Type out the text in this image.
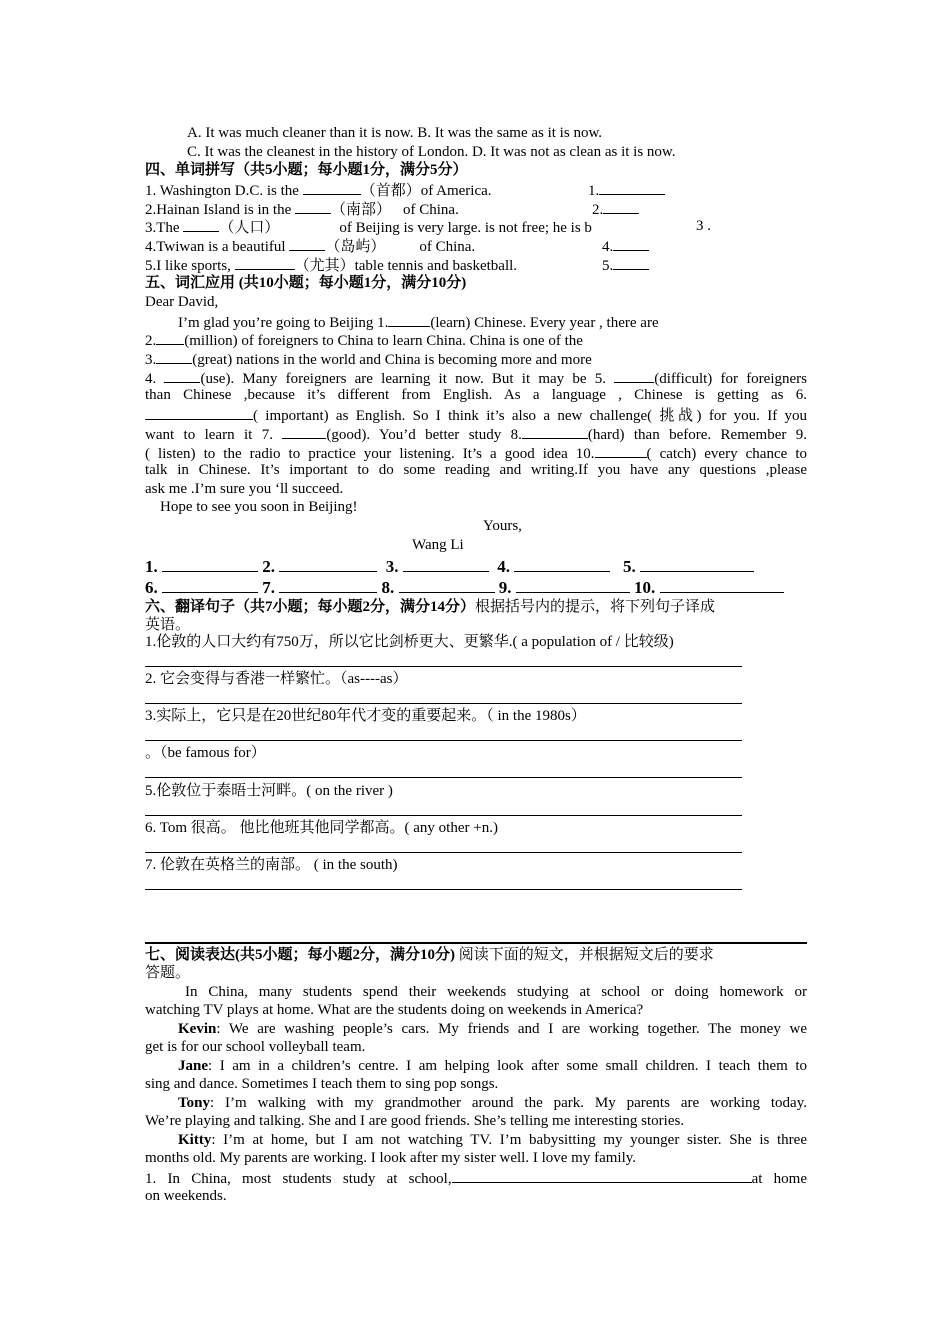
A. It was much cleaner than it is now. B. It was the same as it is now.
C. It was the cleanest in the history of London. D. It was not as clean as it is now.
四、单词拼写（共5小题；每小题1分，满分5分）
1. Washington D.C. is the	（首都）of America.	1.
2.Hainan Island is in the （南部） of China.	2.
3.The （人口）	of Beijing is very large. is not free; he is b	3 .
4.Twiwan is a beautiful （岛屿） of China.	4.
5.I like sports,	（尤其）table tennis and basketball.	5.
五、词汇应用 (共10小题；每小题1分，满分10分)
Dear David,
I’m glad you’re going to Beijing 1.	(learn) Chinese. Every year , there are
2. (million) of foreigners to China to learn China. China is one of the
3. (great) nations in the world and China is becoming more and more
4. (use). Many foreigners are learning it now. But it may be 5.	(difficult) for foreigners
than Chinese ,because it’s different from English. As a language , Chinese is getting as 6.
( important) as English. So I think it’s also a new challenge( 挑战) for you. If you
want to learn it 7.	(good). You’d better study 8.	(hard) than before. Remember 9.
( listen) to the radio to practice your listening. It’s a good idea 10.	( catch) every chance to
talk in Chinese. It’s important to do some reading and writing.If you have any questions ,please
ask me .I’m sure you ‘ll succeed.
Hope to see you soon in Beijing!
Yours,
Wang Li
1.	2.	3.	4.	5.
6.	7.	8.	9.	10.
六、翻译句子（共7小题；每小题2分，满分14分）根据括号内的提示，将下列句子译成
英语。
1.伦敦的人口大约有750万，所以它比剑桥更大、更繁华.( a population of / 比较级)
2. 它会变得与香港一样繁忙。（as----as）
3.实际上，它只是在20世纪80年代才变的重要起来。（ in the 1980s）
。（be famous for）
5.伦敦位于泰晤士河畔。( on the river )
6. Tom 很高。 他比他班其他同学都高。( any other +n.)
7. 伦敦在英格兰的南部。 ( in the south)
七、阅读表达(共5小题；每小题2分，满分10分) 阅读下面的短文，并根据短文后的要求
答题。
In China, many students spend their weekends studying at school or doing homework or
watching TV plays at home. What are the students doing on weekends in America?
Kevin: We are washing people’s cars. My friends and I are working together. The money we
get is for our school volleyball team.
Jane: I am in a children’s centre. I am helping look after some small children. I teach them to
sing and dance. Sometimes I teach them to sing pop songs.
Tony: I’m walking with my grandmother around the park. My parents are working today.
We’re playing and talking. She and I are good friends. She’s telling me interesting stories.
Kitty: I’m at home, but I am not watching TV. I’m babysitting my younger sister. She is three
months old. My parents are working. I look after my sister well. I love my family.
1. In China, most students study at school,	at home
on weekends.
